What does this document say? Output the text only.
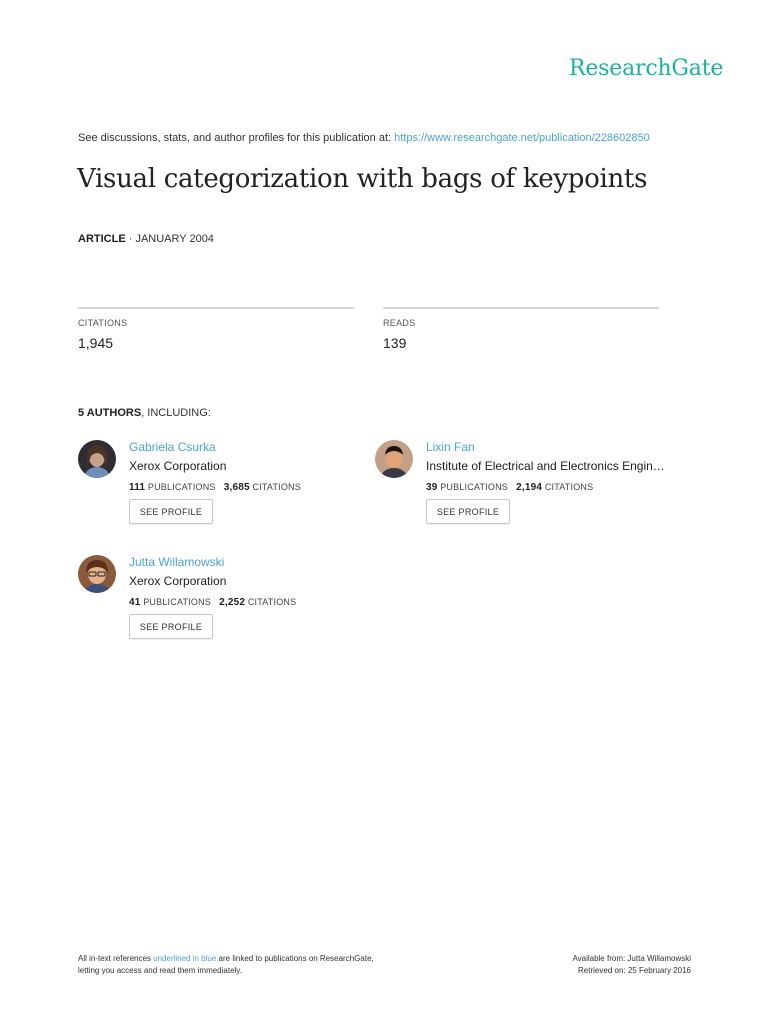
ResearchGate
See discussions, stats, and author profiles for this publication at: https://www.researchgate.net/publication/228602850
Visual categorization with bags of keypoints
ARTICLE · JANUARY 2004
CITATIONS
1,945
READS
139
5 AUTHORS, INCLUDING:
Gabriela Csurka
Xerox Corporation
111 PUBLICATIONS 3,685 CITATIONS
SEE PROFILE
Lixin Fan
Institute of Electrical and Electronics Engin…
39 PUBLICATIONS 2,194 CITATIONS
SEE PROFILE
Jutta Willamowski
Xerox Corporation
41 PUBLICATIONS 2,252 CITATIONS
SEE PROFILE
All in-text references underlined in blue are linked to publications on ResearchGate,
letting you access and read them immediately.
Available from: Jutta Willamowski
Retrieved on: 25 February 2016
